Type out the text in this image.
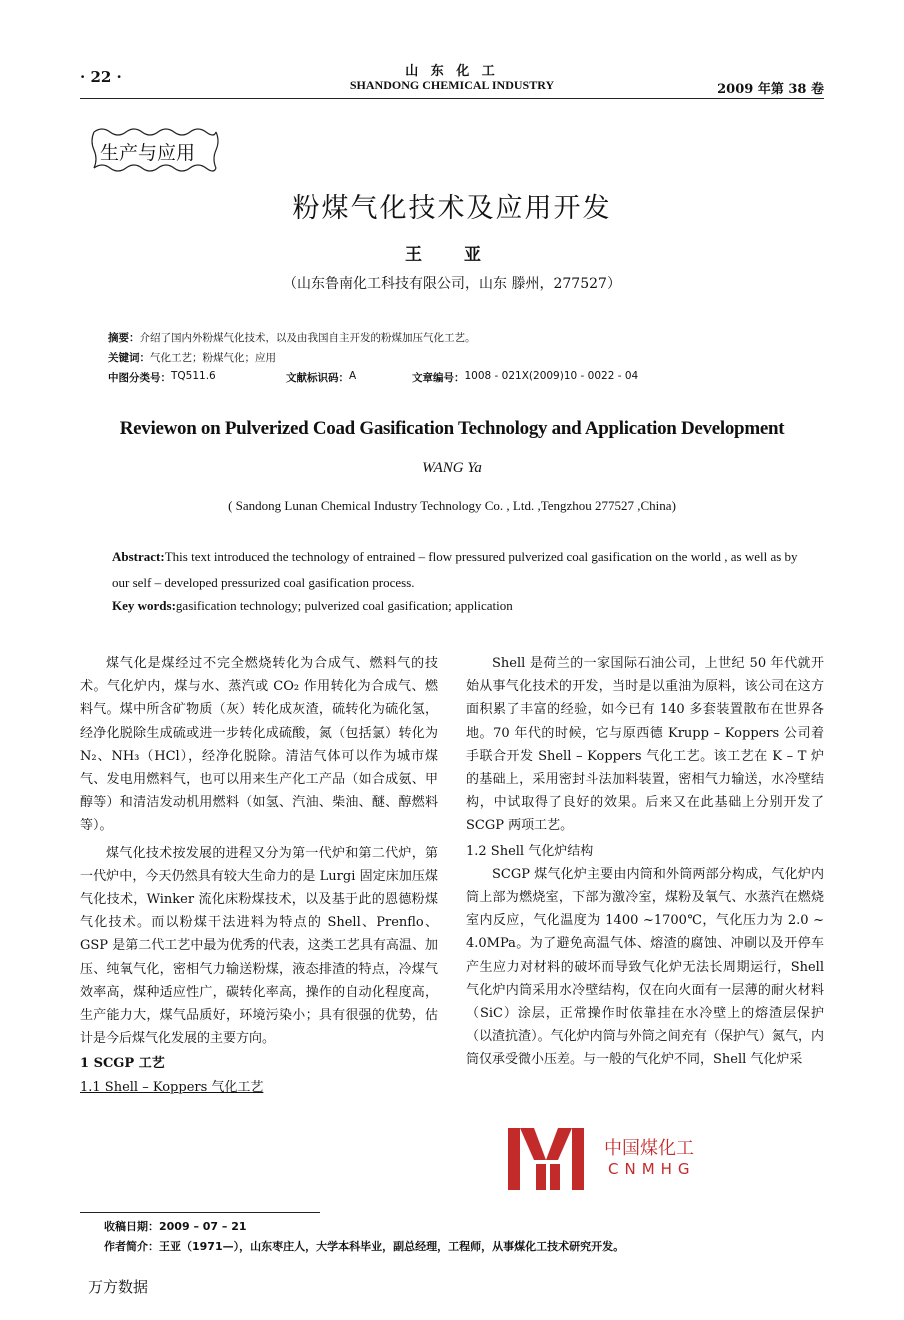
· 22 ·	山 东 化 工
SHANDONG CHEMICAL INDUSTRY	2009 年第 38 卷
生产与应用
粉煤气化技术及应用开发
王 亚
（山东鲁南化工科技有限公司，山东 滕州，277527）
摘要：介绍了国内外粉煤气化技术，以及由我国自主开发的粉煤加压气化工艺。
关键词：气化工艺；粉煤气化；应用
中图分类号： TQ511.6	文献标识码： A	文章编号： 1008 - 021X(2009)10 - 0022 - 04
Reviewon on Pulverized Coad Gasification Technology and Application Development
WANG Ya
( Sandong Lunan Chemical Industry Technology Co. , Ltd. ,Tengzhou 277527 ,China)
Abstract:This text introduced the technology of entrained – flow pressured pulverized coal gasification on the world , as well as by our self – developed pressurized coal gasification process.
Key words:gasification technology; pulverized coal gasification; application

煤气化是煤经过不完全燃烧转化为合成气、燃料气的技术。气化炉内，煤与水、蒸汽或 CO₂ 作用转化为合成气、燃料气。煤中所含矿物质（灰）转化成灰渣，硫转化为硫化氢，经净化脱除生成硫或进一步转化成硫酸，氮（包括氯）转化为 N₂、NH₃（HCl），经净化脱除。清洁气体可以作为城市煤气、发电用燃料气，也可以用来生产化工产品（如合成氨、甲醇等）和清洁发动机用燃料（如氢、汽油、柴油、醚、醇燃料等）。

煤气化技术按发展的进程又分为第一代炉和第二代炉，第一代炉中，今天仍然具有较大生命力的是 Lurgi 固定床加压煤气化技术，Winker 流化床粉煤技术，以及基于此的恩德粉煤气化技术。而以粉煤干法进料为特点的 Shell、Prenflo、GSP 是第二代工艺中最为优秀的代表，这类工艺具有高温、加压、纯氧气化，密相气力输送粉煤，液态排渣的特点，冷煤气效率高，煤种适应性广，碳转化率高，操作的自动化程度高，生产能力大，煤气品质好，环境污染小；具有很强的优势，估计是今后煤气化发展的主要方向。

1 SCGP 工艺

1.1 Shell – Koppers 气化工艺

Shell 是荷兰的一家国际石油公司，上世纪 50 年代就开始从事气化技术的开发，当时是以重油为原料，该公司在这方面积累了丰富的经验，如今已有 140 多套装置散布在世界各地。70 年代的时候，它与原西德 Krupp – Koppers 公司着手联合开发 Shell – Koppers 气化工艺。该工艺在 K – T 炉的基础上，采用密封斗法加料装置，密相气力输送，水冷壁结构，中试取得了良好的效果。后来又在此基础上分别开发了 SCGP 两项工艺。

1.2 Shell 气化炉结构

SCGP 煤气化炉主要由内筒和外筒两部分构成，气化炉内筒上部为燃烧室，下部为激冷室，煤粉及氧气、水蒸汽在燃烧室内反应，气化温度为 1400 ~1700℃，气化压力为 2.0 ~ 4.0MPa。为了避免高温气体、熔渣的腐蚀、冲刷以及开停车产生应力对材料的破坏而导致气化炉无法长周期运行，Shell 气化炉内筒采用水冷壁结构，仅在向火面有一层薄的耐火材料（SiC）涂层，正常操作时依靠挂在水冷壁上的熔渣层保护（以渣抗渣）。气化炉内筒与外筒之间充有（保护气）氮气，内筒仅承受微小压差。与一般的气化炉不同，Shell 气化炉采

中国煤化工
CNMHG
收稿日期：2009 – 07 – 21
作者简介：王亚（1971—），山东枣庄人，大学本科毕业，副总经理，工程师，从事煤化工技术研究开发。
万方数据
